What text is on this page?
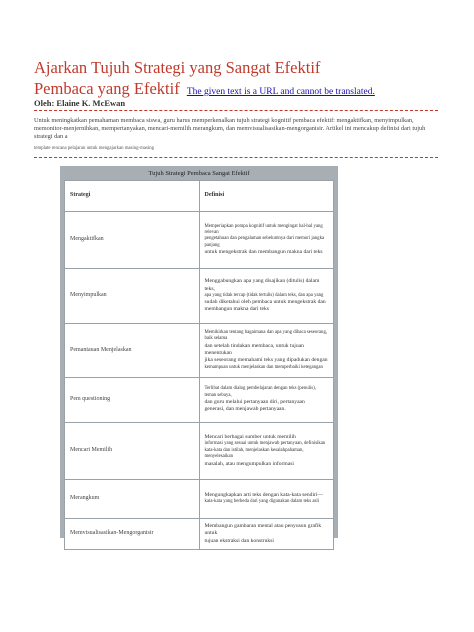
Ajarkan Tujuh Strategi yang Sangat Efektif
Pembaca yang Efektif The given text is a URL and cannot be translated.
Oleh: Elaine K. McEwan
Untuk meningkatkan pemahaman membaca siswa, guru harus memperkenalkan tujuh strategi kognitif pembaca efektif: mengaktifkan, menyimpulkan, memonitor-menjernihkan, mempertanyakan, mencari-memilih merangkum, dan memvisualisasikan-mengorganisir. Artikel ini mencakup definisi dari tujuh strategi dan a
template rencana pelajaran untuk mengajarkan masing-masing
Tujuh Strategi Pembaca Sangat Efektif
Strategi	Definisi
Mengaktifkan	Memperiapkan pompa kognitif untuk mengingat hal-hal yang relevan
pengetahuan dan pengalaman sebelumnya dari memori jangka panjang
untuk mengekstrak dan membangun makna dari teks

Menyimpulkan	Menggabungkan apa yang disajikan (ditulis) dalam teks,
apa yang tidak tercap (tidak tertulis) dalam teks, dan apa yang
sudah diketahui oleh pembaca untuk mengekstrak dan
membangun makna dari teks

Pemantauan Menjelaskan	Memikirkan tentang bagaimana dan apa yang dibaca seseorang, baik selama
dan setelah tindakan membaca, untuk tujuan menentukan
jika seseorang memahami teks yang dipadukan dengan
kemampuan untuk menjelaskan dan memperbaiki ketegangan

Pem questioning	Terlibat dalam dialog pembelajaran dengan teks (penulis), teman sebaya,
dan guru melalui pertanyaan diri, pertanyaan
generasi, dan menjawab pertanyaan.

Mencari Memilih	Mencari berbagai sumber untuk memilih
informasi yang sesuai untuk menjawab pertanyaan, definisikan
kata-kata dan istilah, menjelaskan kesalahpahaman, menyelesaikan
masalah, atau mengumpulkan informasi

Merangkum	Mengungkapkan arti teks dengan kata-kata sendiri—
kata-kata yang berbeda dari yang digunakan dalam teks asli

Memvisualisasikan-Mengorganisir	Membangun gambaran mental atau penyusun grafik untuk
tujuan ekstraksi dan konstruksi
